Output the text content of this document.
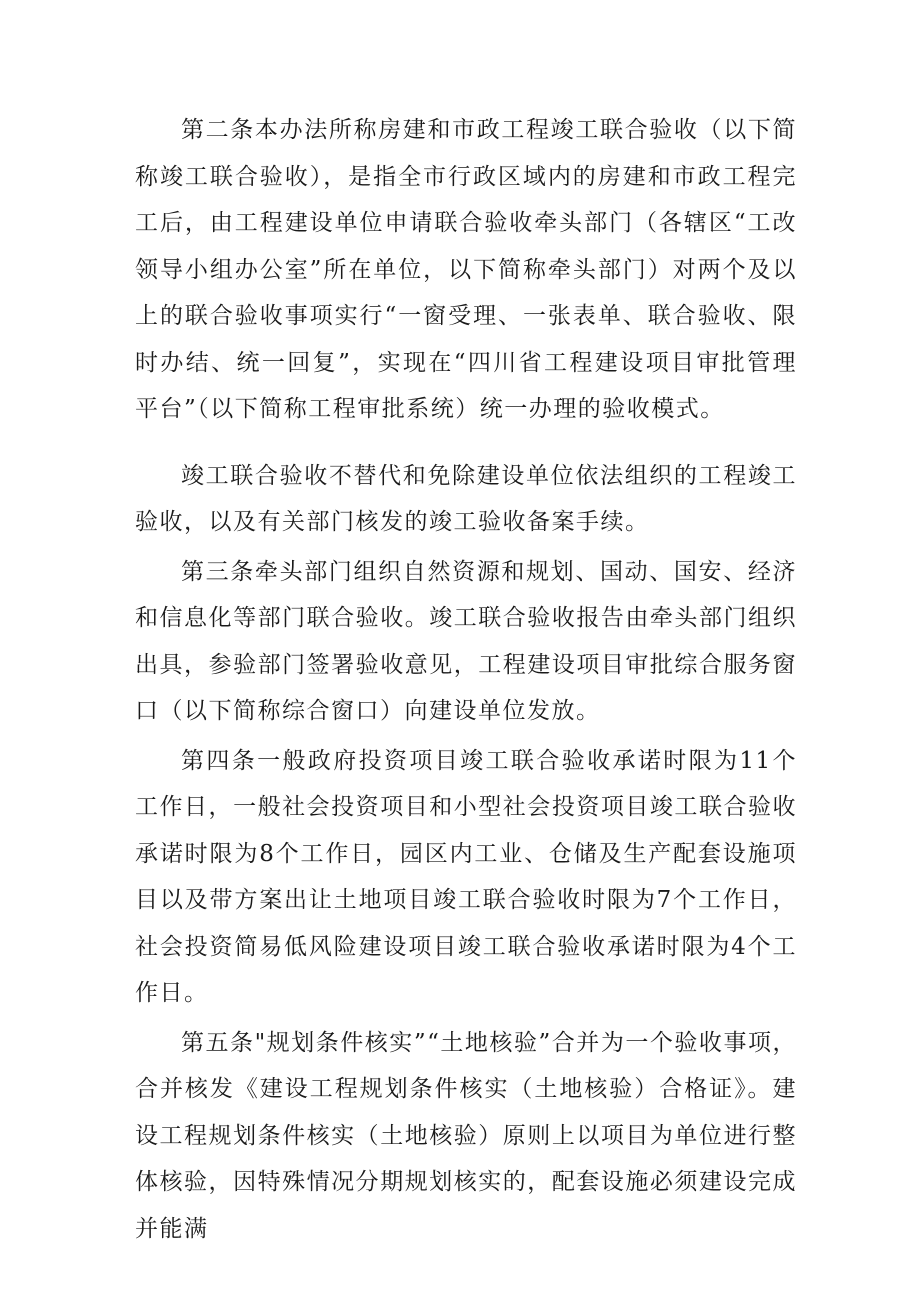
第二条本办法所称房建和市政工程竣工联合验收（以下简称竣工联合验收），是指全市行政区域内的房建和市政工程完工后，由工程建设单位申请联合验收牵头部门（各辖区“工改领导小组办公室”所在单位，以下简称牵头部门）对两个及以上的联合验收事项实行“一窗受理、一张表单、联合验收、限时办结、统一回复”，实现在“四川省工程建设项目审批管理平台”（以下简称工程审批系统）统一办理的验收模式。

竣工联合验收不替代和免除建设单位依法组织的工程竣工验收，以及有关部门核发的竣工验收备案手续。

第三条牵头部门组织自然资源和规划、国动、国安、经济和信息化等部门联合验收。竣工联合验收报告由牵头部门组织出具，参验部门签署验收意见，工程建设项目审批综合服务窗口（以下简称综合窗口）向建设单位发放。

第四条一般政府投资项目竣工联合验收承诺时限为11个工作日，一般社会投资项目和小型社会投资项目竣工联合验收承诺时限为8个工作日，园区内工业、仓储及生产配套设施项目以及带方案出让土地项目竣工联合验收时限为7个工作日，社会投资简易低风险建设项目竣工联合验收承诺时限为4个工作日。

第五条"规划条件核实”“土地核验”合并为一个验收事项，合并核发《建设工程规划条件核实（土地核验）合格证》。建设工程规划条件核实（土地核验）原则上以项目为单位进行整体核验，因特殊情况分期规划核实的，配套设施必须建设完成并能满
